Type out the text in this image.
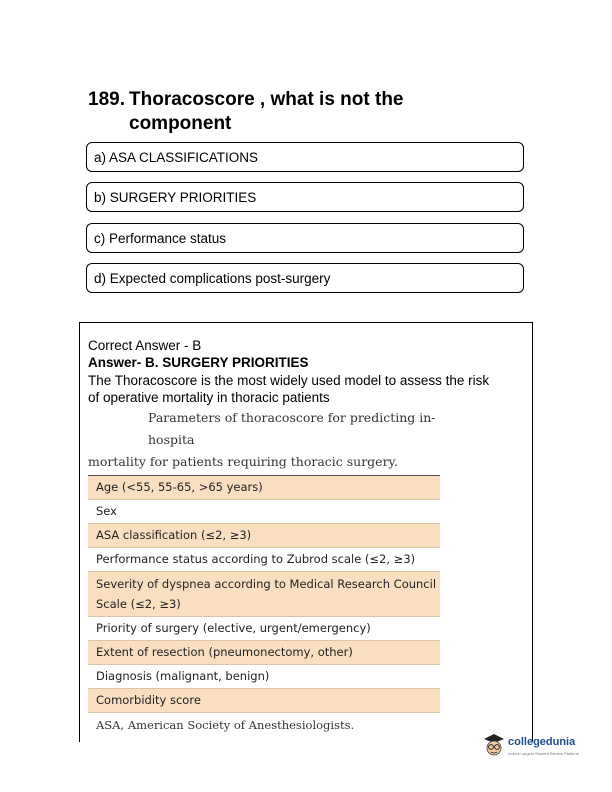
189. Thoracoscore , what is not the
component
a) ASA CLASSIFICATIONS
b) SURGERY PRIORITIES
c) Performance status
d) Expected complications post-surgery
Correct Answer - B
Answer- B. SURGERY PRIORITIES
The Thoracoscore is the most widely used model to assess the risk
of operative mortality in thoracic patients
Parameters of thoracoscore for predicting in-hospita
mortality for patients requiring thoracic surgery.
Age (<55, 55-65, >65 years)
Sex
ASA classification (≤2, ≥3)
Performance status according to Zubrod scale (≤2, ≥3)
Severity of dyspnea according to Medical Research Council
Scale (≤2, ≥3)
Priority of surgery (elective, urgent/emergency)
Extent of resection (pneumonectomy, other)
Diagnosis (malignant, benign)
Comorbidity score
ASA, American Society of Anesthesiologists.
collegedunia
India's Largest Student Review Platform
